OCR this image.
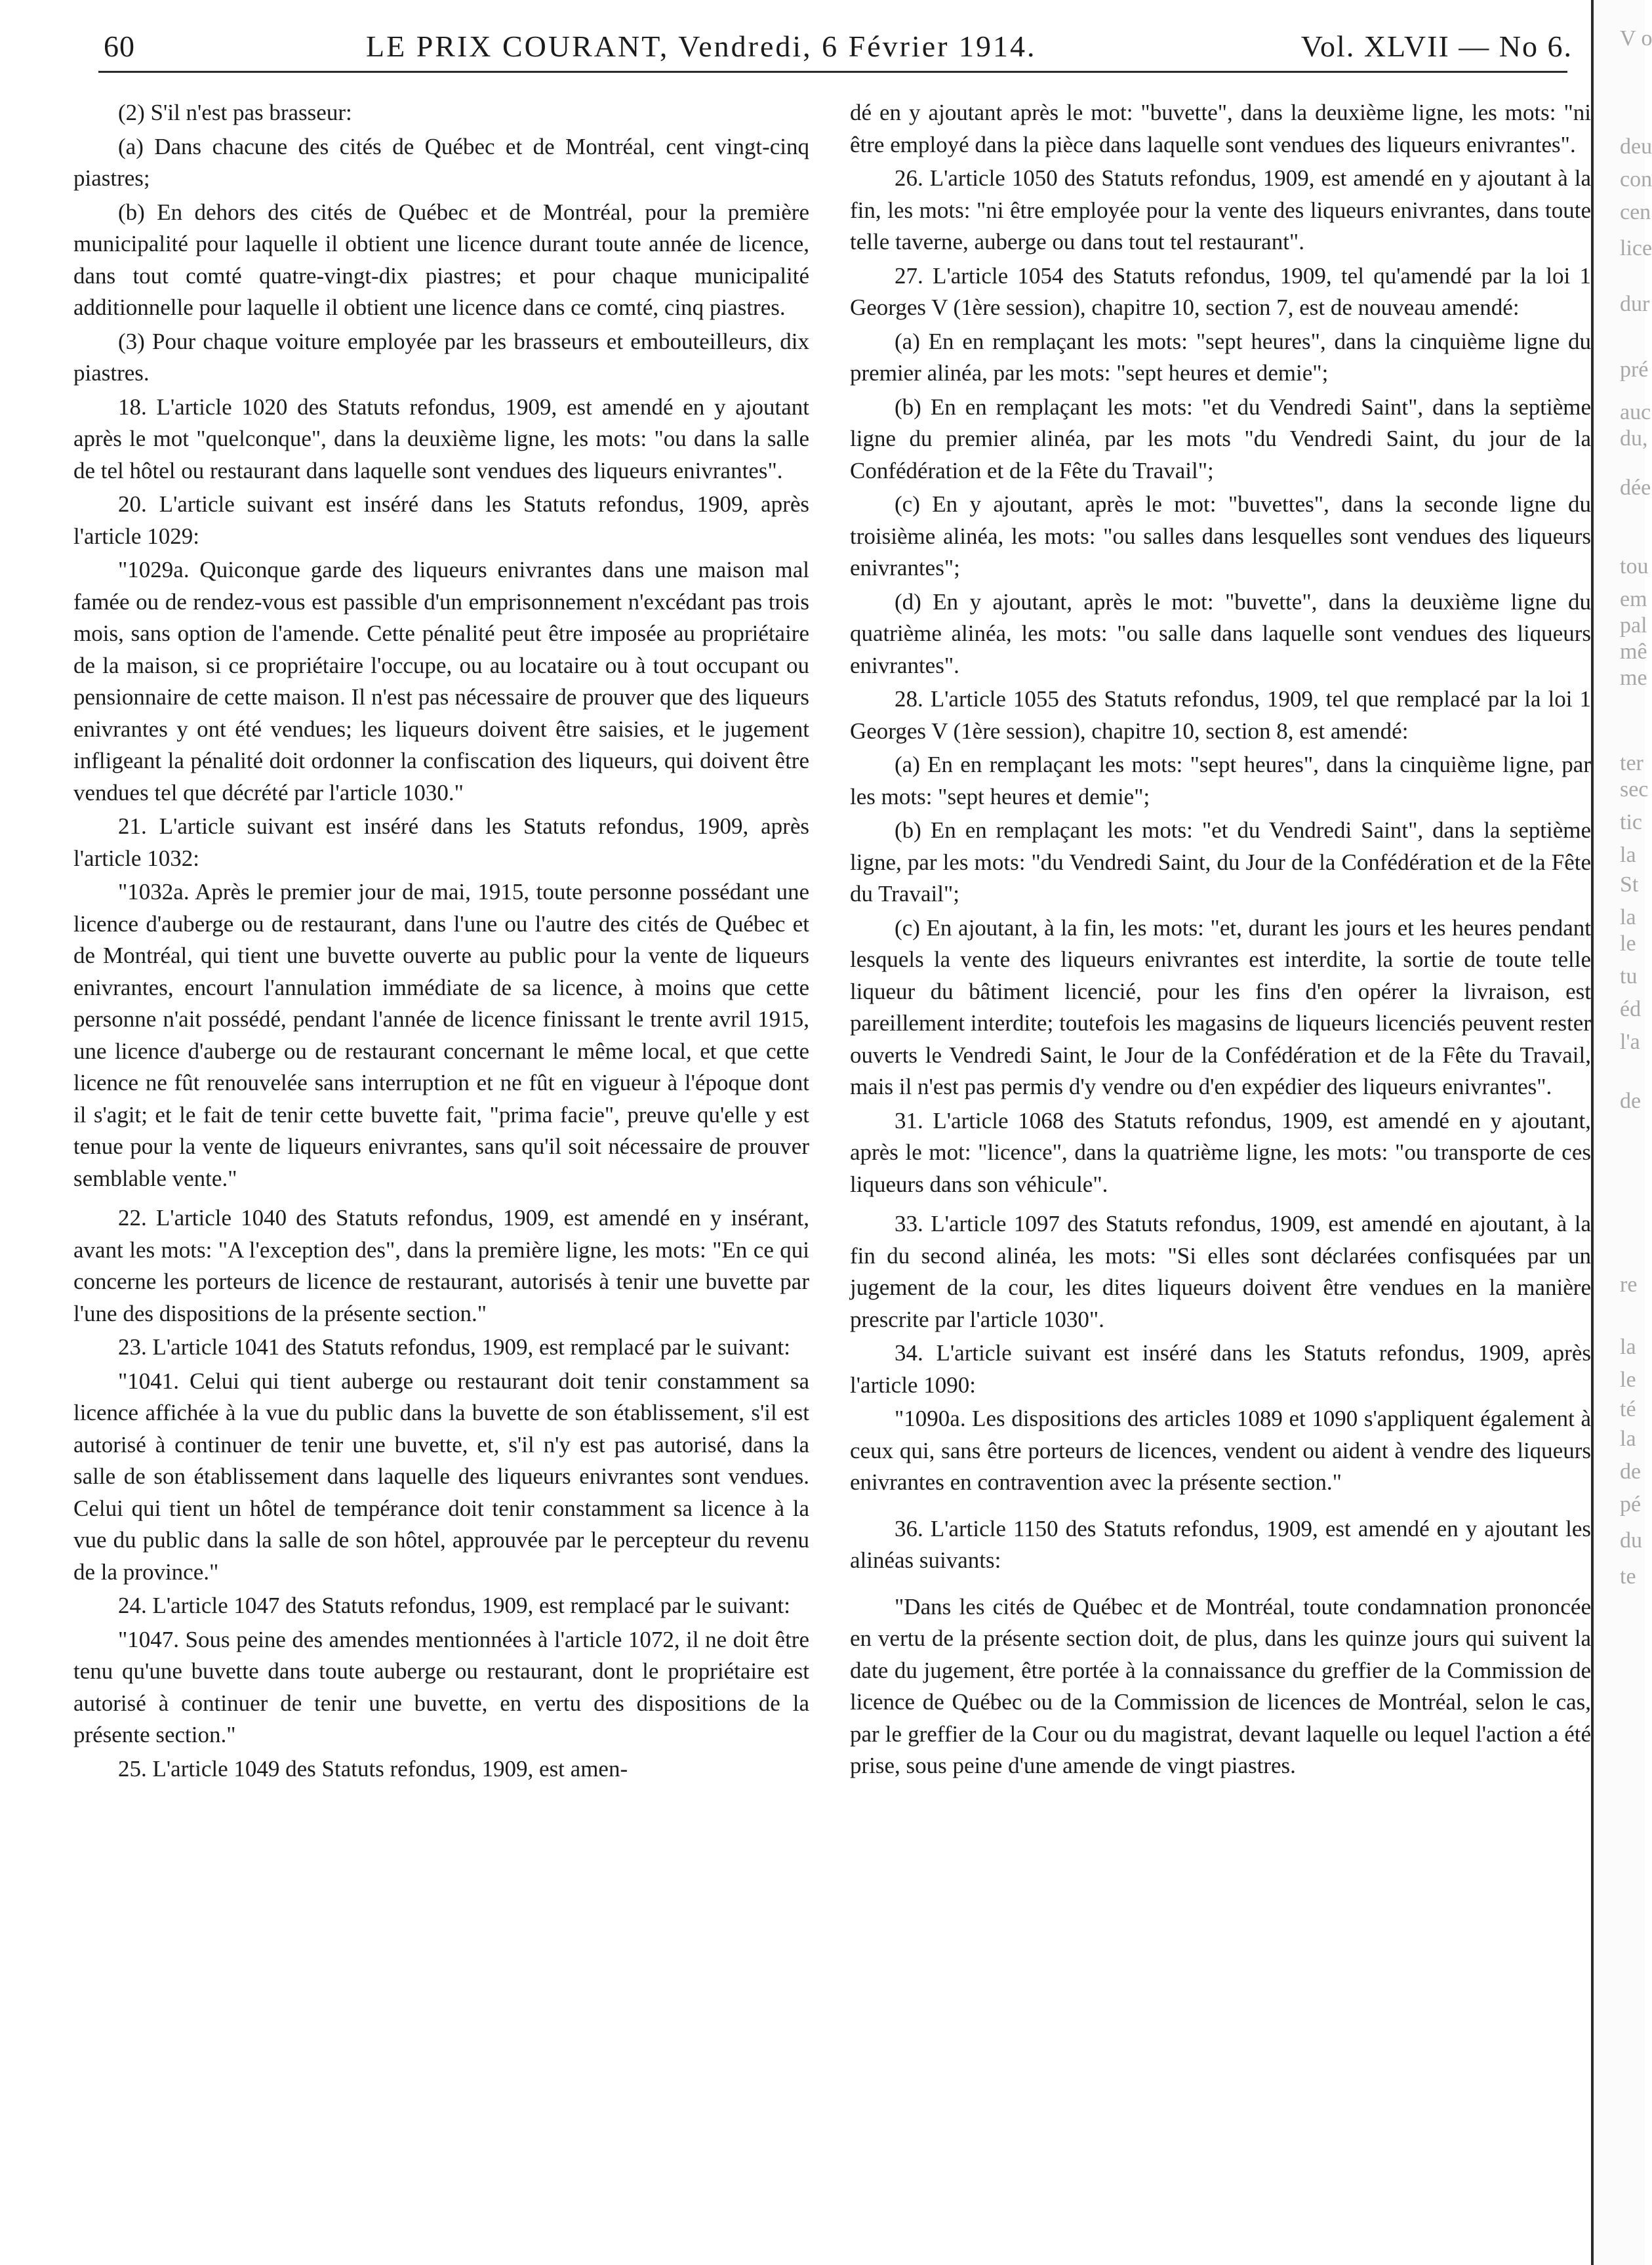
60	LE PRIX COURANT, Vendredi, 6 Février 1914.	Vol. XLVII — No 6.

(2) S'il n'est pas brasseur:

(a) Dans chacune des cités de Québec et de Montréal, cent vingt-cinq piastres;

(b) En dehors des cités de Québec et de Montréal, pour la première municipalité pour laquelle il obtient une licence durant toute année de licence, dans tout comté quatre-vingt-dix piastres; et pour chaque municipalité additionnelle pour laquelle il obtient une licence dans ce comté, cinq piastres.

(3) Pour chaque voiture employée par les brasseurs et embouteilleurs, dix piastres.

18. L'article 1020 des Statuts refondus, 1909, est amendé en y ajoutant après le mot "quelconque", dans la deuxième ligne, les mots: "ou dans la salle de tel hôtel ou restaurant dans laquelle sont vendues des liqueurs enivrantes".

20. L'article suivant est inséré dans les Statuts refondus, 1909, après l'article 1029:

"1029a. Quiconque garde des liqueurs enivrantes dans une maison mal famée ou de rendez-vous est passible d'un emprisonnement n'excédant pas trois mois, sans option de l'amende. Cette pénalité peut être imposée au propriétaire de la maison, si ce propriétaire l'occupe, ou au locataire ou à tout occupant ou pensionnaire de cette maison. Il n'est pas nécessaire de prouver que des liqueurs enivrantes y ont été vendues; les liqueurs doivent être saisies, et le jugement infligeant la pénalité doit ordonner la confiscation des liqueurs, qui doivent être vendues tel que décrété par l'article 1030."

21. L'article suivant est inséré dans les Statuts refondus, 1909, après l'article 1032:

"1032a. Après le premier jour de mai, 1915, toute personne possédant une licence d'auberge ou de restaurant, dans l'une ou l'autre des cités de Québec et de Montréal, qui tient une buvette ouverte au public pour la vente de liqueurs enivrantes, encourt l'annulation immédiate de sa licence, à moins que cette personne n'ait possédé, pendant l'année de licence finissant le trente avril 1915, une licence d'auberge ou de restaurant concernant le même local, et que cette licence ne fût renouvelée sans interruption et ne fût en vigueur à l'époque dont il s'agit; et le fait de tenir cette buvette fait, "prima facie", preuve qu'elle y est tenue pour la vente de liqueurs enivrantes, sans qu'il soit nécessaire de prouver semblable vente."

22. L'article 1040 des Statuts refondus, 1909, est amendé en y insérant, avant les mots: "A l'exception des", dans la première ligne, les mots: "En ce qui concerne les porteurs de licence de restaurant, autorisés à tenir une buvette par l'une des dispositions de la présente section."

23. L'article 1041 des Statuts refondus, 1909, est remplacé par le suivant:

"1041. Celui qui tient auberge ou restaurant doit tenir constamment sa licence affichée à la vue du public dans la buvette de son établissement, s'il est autorisé à continuer de tenir une buvette, et, s'il n'y est pas autorisé, dans la salle de son établissement dans laquelle des liqueurs enivrantes sont vendues. Celui qui tient un hôtel de tempérance doit tenir constamment sa licence à la vue du public dans la salle de son hôtel, approuvée par le percepteur du revenu de la province."

24. L'article 1047 des Statuts refondus, 1909, est remplacé par le suivant:

"1047. Sous peine des amendes mentionnées à l'article 1072, il ne doit être tenu qu'une buvette dans toute auberge ou restaurant, dont le propriétaire est autorisé à continuer de tenir une buvette, en vertu des dispositions de la présente section."

25. L'article 1049 des Statuts refondus, 1909, est amen-

dé en y ajoutant après le mot: "buvette", dans la deuxième ligne, les mots: "ni être employé dans la pièce dans laquelle sont vendues des liqueurs enivrantes".

26. L'article 1050 des Statuts refondus, 1909, est amendé en y ajoutant à la fin, les mots: "ni être employée pour la vente des liqueurs enivrantes, dans toute telle taverne, auberge ou dans tout tel restaurant".

27. L'article 1054 des Statuts refondus, 1909, tel qu'amendé par la loi 1 Georges V (1ère session), chapitre 10, section 7, est de nouveau amendé:

(a) En en remplaçant les mots: "sept heures", dans la cinquième ligne du premier alinéa, par les mots: "sept heures et demie";

(b) En en remplaçant les mots: "et du Vendredi Saint", dans la septième ligne du premier alinéa, par les mots "du Vendredi Saint, du jour de la Confédération et de la Fête du Travail";

(c) En y ajoutant, après le mot: "buvettes", dans la seconde ligne du troisième alinéa, les mots: "ou salles dans lesquelles sont vendues des liqueurs enivrantes";

(d) En y ajoutant, après le mot: "buvette", dans la deuxième ligne du quatrième alinéa, les mots: "ou salle dans laquelle sont vendues des liqueurs enivrantes".

28. L'article 1055 des Statuts refondus, 1909, tel que remplacé par la loi 1 Georges V (1ère session), chapitre 10, section 8, est amendé:

(a) En en remplaçant les mots: "sept heures", dans la cinquième ligne, par les mots: "sept heures et demie";

(b) En en remplaçant les mots: "et du Vendredi Saint", dans la septième ligne, par les mots: "du Vendredi Saint, du Jour de la Confédération et de la Fête du Travail";

(c) En ajoutant, à la fin, les mots: "et, durant les jours et les heures pendant lesquels la vente des liqueurs enivrantes est interdite, la sortie de toute telle liqueur du bâtiment licencié, pour les fins d'en opérer la livraison, est pareillement interdite; toutefois les magasins de liqueurs licenciés peuvent rester ouverts le Vendredi Saint, le Jour de la Confédération et de la Fête du Travail, mais il n'est pas permis d'y vendre ou d'en expédier des liqueurs enivrantes".

31. L'article 1068 des Statuts refondus, 1909, est amendé en y ajoutant, après le mot: "licence", dans la quatrième ligne, les mots: "ou transporte de ces liqueurs dans son véhicule".

33. L'article 1097 des Statuts refondus, 1909, est amendé en ajoutant, à la fin du second alinéa, les mots: "Si elles sont déclarées confisquées par un jugement de la cour, les dites liqueurs doivent être vendues en la manière prescrite par l'article 1030".

34. L'article suivant est inséré dans les Statuts refondus, 1909, après l'article 1090:

"1090a. Les dispositions des articles 1089 et 1090 s'appliquent également à ceux qui, sans être porteurs de licences, vendent ou aident à vendre des liqueurs enivrantes en contravention avec la présente section."

36. L'article 1150 des Statuts refondus, 1909, est amendé en y ajoutant les alinéas suivants:

"Dans les cités de Québec et de Montréal, toute condamnation prononcée en vertu de la présente section doit, de plus, dans les quinze jours qui suivent la date du jugement, être portée à la connaissance du greffier de la Commission de licence de Québec ou de la Commission de licences de Montréal, selon le cas, par le greffier de la Cour ou du magistrat, devant laquelle ou lequel l'action a été prise, sous peine d'une amende de vingt piastres.

V o
deu
con
cen
lice
dur
pré
auc
du,
dée
tou
em
pal
mê
me
ter
sec
tic
la
St
la
le
tu
éd
l'a
de
re
la
le
té
la
de
pé
du
te
